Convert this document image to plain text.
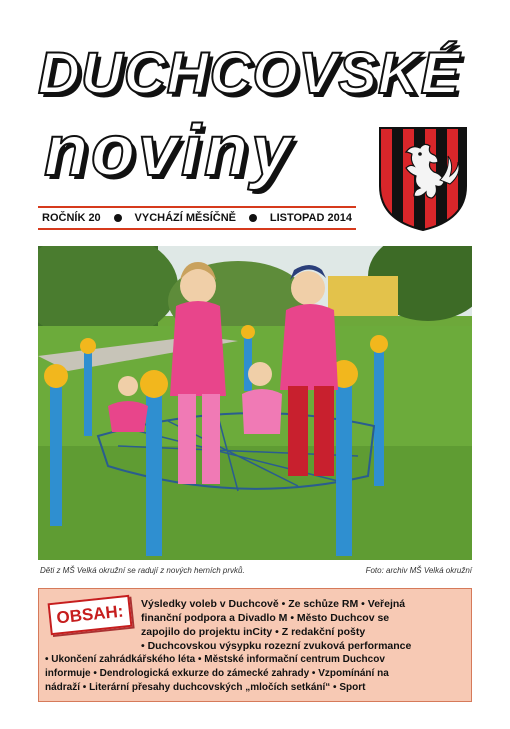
DUCHCOVSKÉ
noviny
ROČNÍK 20	VYCHÁZÍ MĚSÍČNĚ	LISTOPAD 2014
Děti z MŠ Velká okružní se radují z nových herních prvků.	Foto: archiv MŠ Velká okružní
OBSAH:	Výsledky voleb v Duchcově • Ze schůze RM • Veřejná
finanční podpora a Divadlo M • Město Duchcov se
zapojilo do projektu inCity • Z redakční pošty
• Duchcovskou výsypku rozezní zvuková performance
• Ukončení zahrádkářského léta • Městské informační centrum Duchcov
informuje • Dendrologická exkurze do zámecké zahrady • Vzpomínání na
nádraží • Literární přesahy duchcovských „mločích setkání“ • Sport
